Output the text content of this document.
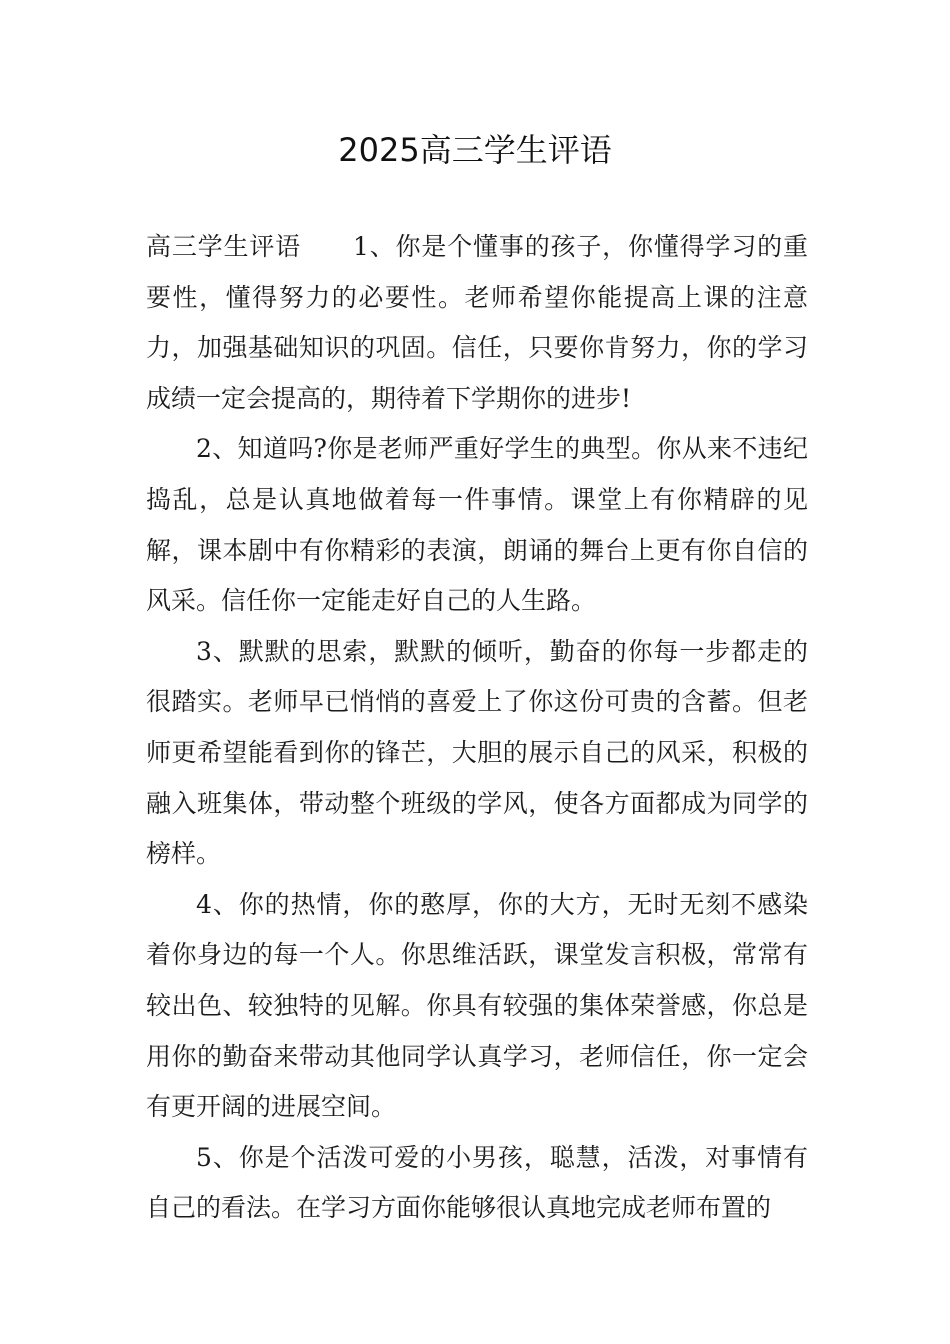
2025高三学生评语

高三学生评语 1、你是个懂事的孩子，你懂得学习的重要性，懂得努力的必要性。老师希望你能提高上课的注意力，加强基础知识的巩固。信任，只要你肯努力，你的学习成绩一定会提高的，期待着下学期你的进步!

2、知道吗?你是老师严重好学生的典型。你从来不违纪捣乱，总是认真地做着每一件事情。课堂上有你精辟的见解，课本剧中有你精彩的表演，朗诵的舞台上更有你自信的风采。信任你一定能走好自己的人生路。

3、默默的思索，默默的倾听，勤奋的你每一步都走的很踏实。老师早已悄悄的喜爱上了你这份可贵的含蓄。但老师更希望能看到你的锋芒，大胆的展示自己的风采，积极的融入班集体，带动整个班级的学风，使各方面都成为同学的榜样。

4、你的热情，你的憨厚，你的大方，无时无刻不感染着你身边的每一个人。你思维活跃，课堂发言积极，常常有较出色、较独特的见解。你具有较强的集体荣誉感，你总是用你的勤奋来带动其他同学认真学习，老师信任，你一定会有更开阔的进展空间。

5、你是个活泼可爱的小男孩，聪慧，活泼，对事情有自己的看法。在学习方面你能够很认真地完成老师布置的
